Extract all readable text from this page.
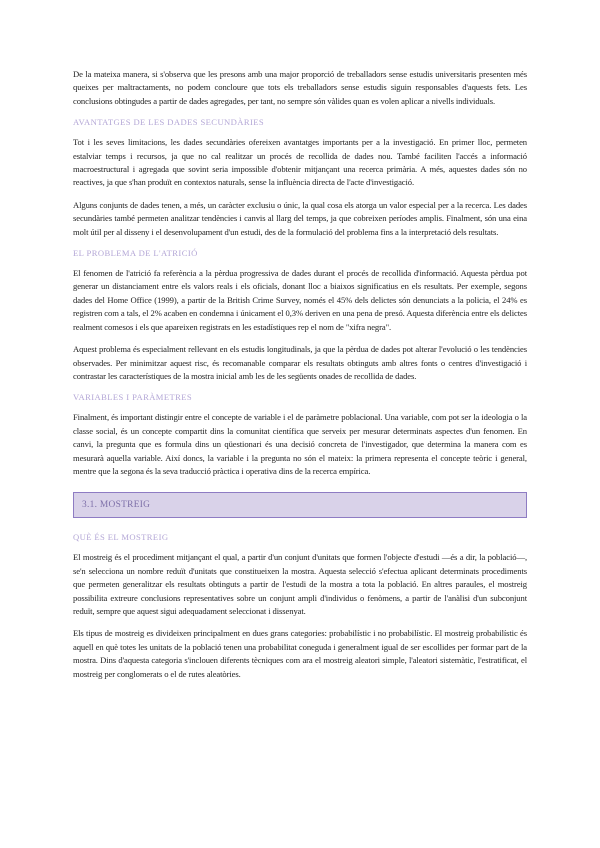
De la mateixa manera, si s'observa que les presons amb una major proporció de treballadors sense estudis universitaris presenten més queixes per maltractaments, no podem concloure que tots els treballadors sense estudis siguin responsables d'aquests fets. Les conclusions obtingudes a partir de dades agregades, per tant, no sempre són vàlides quan es volen aplicar a nivells individuals.

AVANTATGES DE LES DADES SECUNDÀRIES

Tot i les seves limitacions, les dades secundàries ofereixen avantatges importants per a la investigació. En primer lloc, permeten estalviar temps i recursos, ja que no cal realitzar un procés de recollida de dades nou. També faciliten l'accés a informació macroestructural i agregada que sovint seria impossible d'obtenir mitjançant una recerca primària. A més, aquestes dades són no reactives, ja que s'han produït en contextos naturals, sense la influència directa de l'acte d'investigació.

Alguns conjunts de dades tenen, a més, un caràcter exclusiu o únic, la qual cosa els atorga un valor especial per a la recerca. Les dades secundàries també permeten analitzar tendències i canvis al llarg del temps, ja que cobreixen períodes amplis. Finalment, són una eina molt útil per al disseny i el desenvolupament d'un estudi, des de la formulació del problema fins a la interpretació dels resultats.

EL PROBLEMA DE L'ATRICIÓ

El fenomen de l'atrició fa referència a la pèrdua progressiva de dades durant el procés de recollida d'informació. Aquesta pèrdua pot generar un distanciament entre els valors reals i els oficials, donant lloc a biaixos significatius en els resultats. Per exemple, segons dades del Home Office (1999), a partir de la British Crime Survey, només el 45% dels delictes són denunciats a la policia, el 24% es registren com a tals, el 2% acaben en condemna i únicament el 0,3% deriven en una pena de presó. Aquesta diferència entre els delictes realment comesos i els que apareixen registrats en les estadístiques rep el nom de "xifra negra".

Aquest problema és especialment rellevant en els estudis longitudinals, ja que la pèrdua de dades pot alterar l'evolució o les tendències observades. Per minimitzar aquest risc, és recomanable comparar els resultats obtinguts amb altres fonts o centres d'investigació i contrastar les característiques de la mostra inicial amb les de les següents onades de recollida de dades.

VARIABLES I PARÀMETRES

Finalment, és important distingir entre el concepte de variable i el de paràmetre poblacional. Una variable, com pot ser la ideologia o la classe social, és un concepte compartit dins la comunitat científica que serveix per mesurar determinats aspectes d'un fenomen. En canvi, la pregunta que es formula dins un qüestionari és una decisió concreta de l'investigador, que determina la manera com es mesurarà aquella variable. Així doncs, la variable i la pregunta no són el mateix: la primera representa el concepte teòric i general, mentre que la segona és la seva traducció pràctica i operativa dins de la recerca empírica.

3.1. MOSTREIG
QUÈ ÉS EL MOSTREIG

El mostreig és el procediment mitjançant el qual, a partir d'un conjunt d'unitats que formen l'objecte d'estudi —és a dir, la població—, se'n selecciona un nombre reduït d'unitats que constitueixen la mostra. Aquesta selecció s'efectua aplicant determinats procediments que permeten generalitzar els resultats obtinguts a partir de l'estudi de la mostra a tota la població. En altres paraules, el mostreig possibilita extreure conclusions representatives sobre un conjunt ampli d'individus o fenòmens, a partir de l'anàlisi d'un subconjunt reduït, sempre que aquest sigui adequadament seleccionat i dissenyat.

Els tipus de mostreig es divideixen principalment en dues grans categories: probabilístic i no probabilístic. El mostreig probabilístic és aquell en què totes les unitats de la població tenen una probabilitat coneguda i generalment igual de ser escollides per formar part de la mostra. Dins d'aquesta categoria s'inclouen diferents tècniques com ara el mostreig aleatori simple, l'aleatori sistemàtic, l'estratificat, el mostreig per conglomerats o el de rutes aleatòries.
